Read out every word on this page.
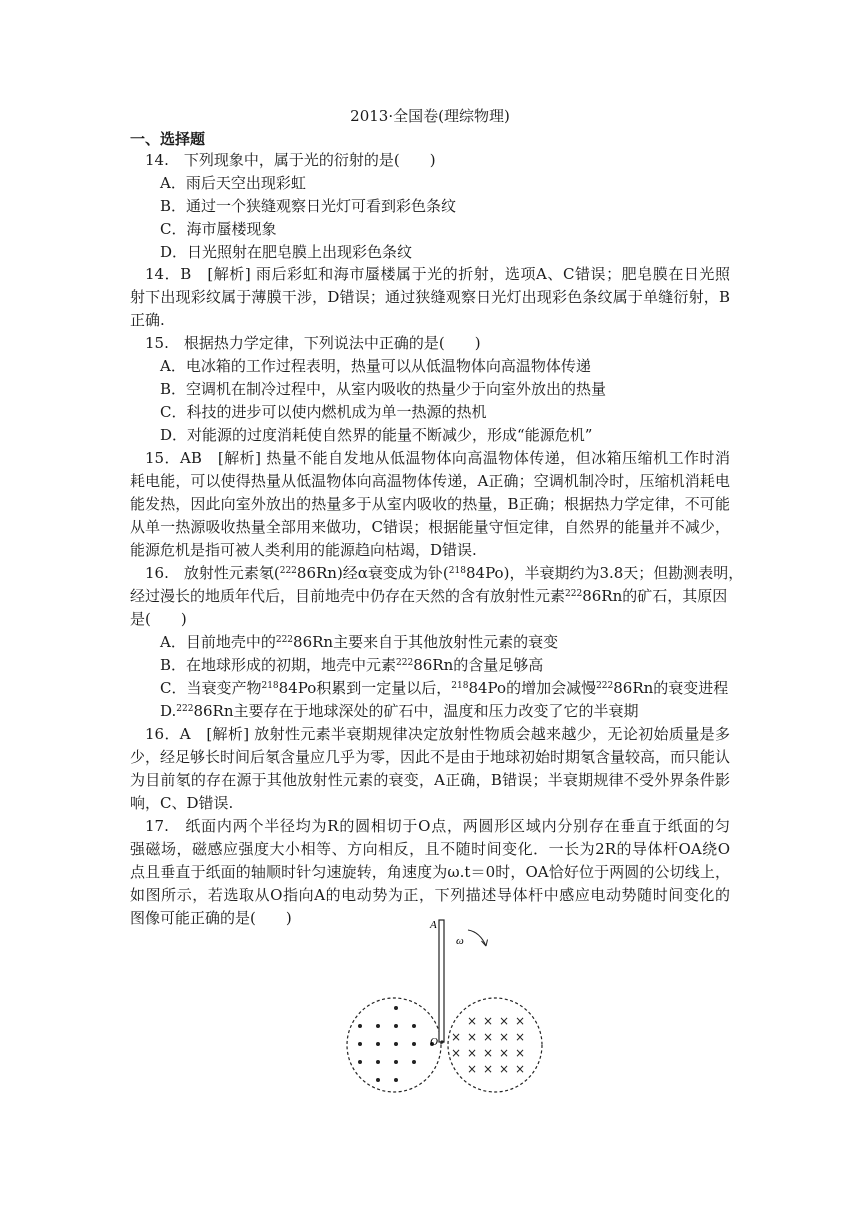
2013·全国卷(理综物理)
一、选择题
14.　下列现象中，属于光的衍射的是(　　)
A．雨后天空出现彩虹
B．通过一个狭缝观察日光灯可看到彩色条纹
C．海市蜃楼现象
D．日光照射在肥皂膜上出现彩色条纹
14．B　[解析] 雨后彩虹和海市蜃楼属于光的折射，选项A、C错误；肥皂膜在日光照
射下出现彩纹属于薄膜干涉，D错误；通过狭缝观察日光灯出现彩色条纹属于单缝衍射，B
正确.
15.　根据热力学定律，下列说法中正确的是(　　)
A．电冰箱的工作过程表明，热量可以从低温物体向高温物体传递
B．空调机在制冷过程中，从室内吸收的热量少于向室外放出的热量
C．科技的进步可以使内燃机成为单一热源的热机
D．对能源的过度消耗使自然界的能量不断减少，形成“能源危机”
15．AB　[解析] 热量不能自发地从低温物体向高温物体传递，但冰箱压缩机工作时消
耗电能，可以使得热量从低温物体向高温物体传递，A正确；空调机制冷时，压缩机消耗电
能发热，因此向室外放出的热量多于从室内吸收的热量，B正确；根据热力学定律，不可能
从单一热源吸收热量全部用来做功，C错误；根据能量守恒定律，自然界的能量并不减少，
能源危机是指可被人类利用的能源趋向枯竭，D错误.
16.　放射性元素氡($^{222}$86Rn)经α衰变成为钋($^{218}$84Po)，半衰期约为3.8天；但勘测表明，
经过漫长的地质年代后，目前地壳中仍存在天然的含有放射性元素$^{222}$86Rn的矿石，其原因
是(　　)
A．目前地壳中的$^{222}$86Rn主要来自于其他放射性元素的衰变
B．在地球形成的初期，地壳中元素$^{222}$86Rn的含量足够高
C．当衰变产物$^{218}$84Po积累到一定量以后，$^{218}$84Po的增加会减慢$^{222}$86Rn的衰变进程
D.$^{222}$86Rn主要存在于地球深处的矿石中，温度和压力改变了它的半衰期
16．A　[解析] 放射性元素半衰期规律决定放射性物质会越来越少，无论初始质量是多
少，经足够长时间后氡含量应几乎为零，因此不是由于地球初始时期氡含量较高，而只能认
为目前氡的存在源于其他放射性元素的衰变，A正确，B错误；半衰期规律不受外界条件影
响，C、D错误.
17.　纸面内两个半径均为R的圆相切于O点，两圆形区域内分别存在垂直于纸面的匀
强磁场，磁感应强度大小相等、方向相反，且不随时间变化．一长为2R的导体杆OA绕O
点且垂直于纸面的轴顺时针匀速旋转，角速度为ω.t＝0时，OA恰好位于两圆的公切线上，
如图所示，若选取从O指向A的电动势为正，下列描述导体杆中感应电动势随时间变化的
图像可能正确的是(　　)
× × × ×
× × × × ×
× × × × ×
× × × ×
A
O
ω
